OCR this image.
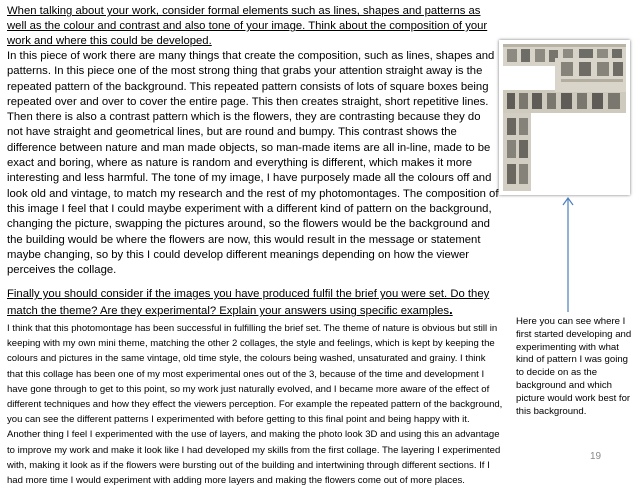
When talking about your work, consider formal elements such as lines, shapes and patterns as well as the colour and contrast and also tone of your image. Think about the composition of your work and where this could be developed.
In this piece of work there are many things that create the composition, such as lines, shapes and patterns. In this piece one of the most strong thing that grabs your attention straight away is the repeated pattern of the background. This repeated pattern consists of lots of square boxes being repeated over and over to cover the entire page. This then creates straight, short repetitive lines. Then there is also a contrast pattern which is the flowers, they are contrasting because they do not have straight and geometrical lines, but are round and bumpy. This contrast shows the difference between nature and man made objects, so man-made items are all in-line, made to be exact and boring, where as nature is random and everything is different, which makes it more interesting and less harmful. The tone of my image, I have purposely made all the colours off and look old and vintage, to match my research and the rest of my photomontages. The composition of this image I feel that I could maybe experiment with a different kind of pattern on the background, changing the picture, swapping the pictures around, so the flowers would be the background and the building would be where the flowers are now, this would result in the message or statement maybe changing, so by this I could develop different meanings depending on how the viewer perceives the collage.
Finally you should consider if the images you have produced fulfil the brief you were set. Do they
match the theme? Are they experimental? Explain your answers using specific examples.
I think that this photomontage has been successful in fulfilling the brief set. The theme of nature is obvious but still in keeping with my own mini theme, matching the other 2 collages, the style and feelings, which is kept by keeping the colours and pictures in the same vintage, old time style, the colours being washed, unsaturated and grainy. I think that this collage has been one of my most experimental ones out of the 3, because of the time and development I have gone through to get to this point, so my work just naturally evolved, and I became more aware of the effect of different techniques and how they effect the viewers perception. For example the repeated pattern of the background, you can see the different patterns I experimented with before getting to this final point and being happy with it. Another thing I feel I experimented with the use of layers, and making the photo look 3D and using this an advantage to improve my work and make it look like I had developed my skills from the first collage. The layering I experimented with, making it look as if the flowers were bursting out of the building and intertwining through different sections. If I had more time I would experiment with adding more layers and making the flowers come out of more places.
Here you can see where I first started developing and experimenting with what kind of pattern I was going to decide on as the background and which picture would work best for this background.
19
